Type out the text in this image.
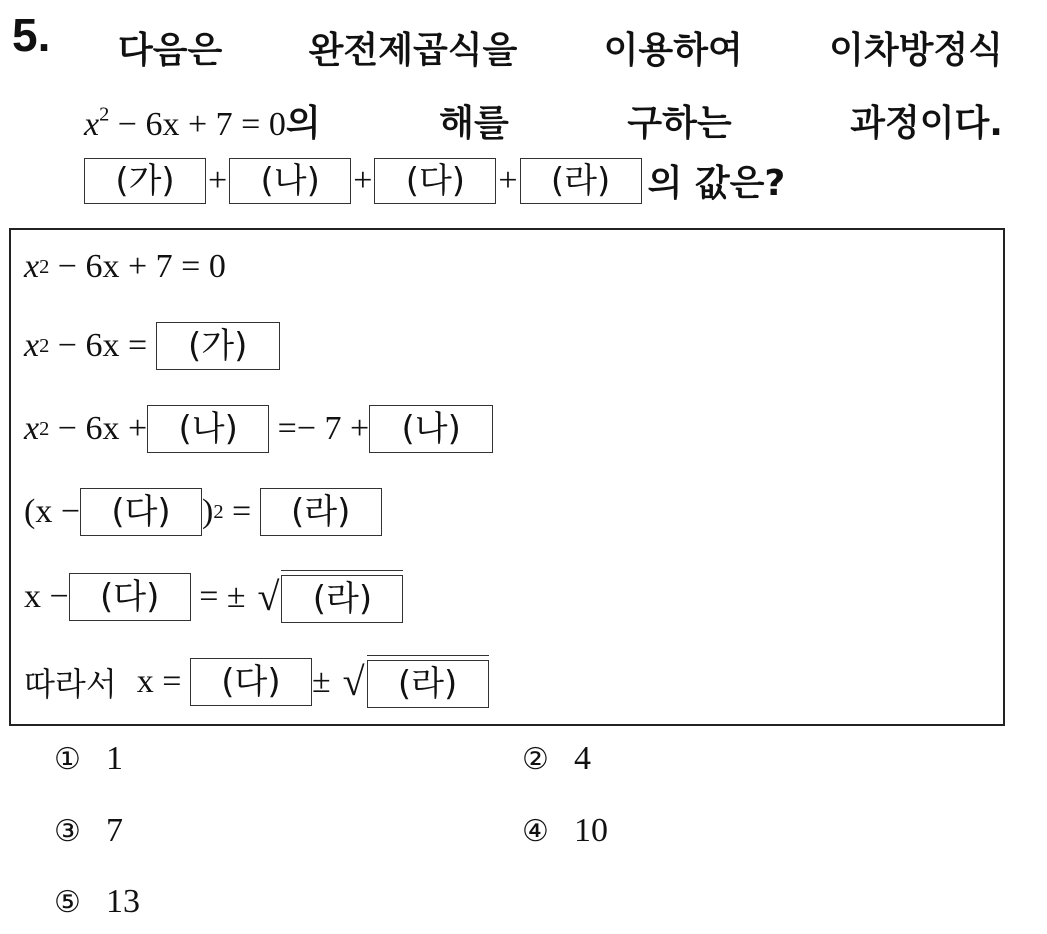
5. 다음은 완전제곱식을 이용하여 이차방정식
$x^2 - 6x + 7 = 0$의	해를	구하는	과정이다.
(가) + (나) + (다) + (라)	의 값은?
x 2
− 6x + 7 = 0
x 2
− 6x =
	(가)
x 2
− 6x + (나)
	=− 7 + (나)
(x − (다) ) 2
=
	(라)
x − (다)
	= ± √ (라)
따라서 x =
	(다) ± √ (라)
① 1	② 4
③ 7	④ 10
⑤ 13
